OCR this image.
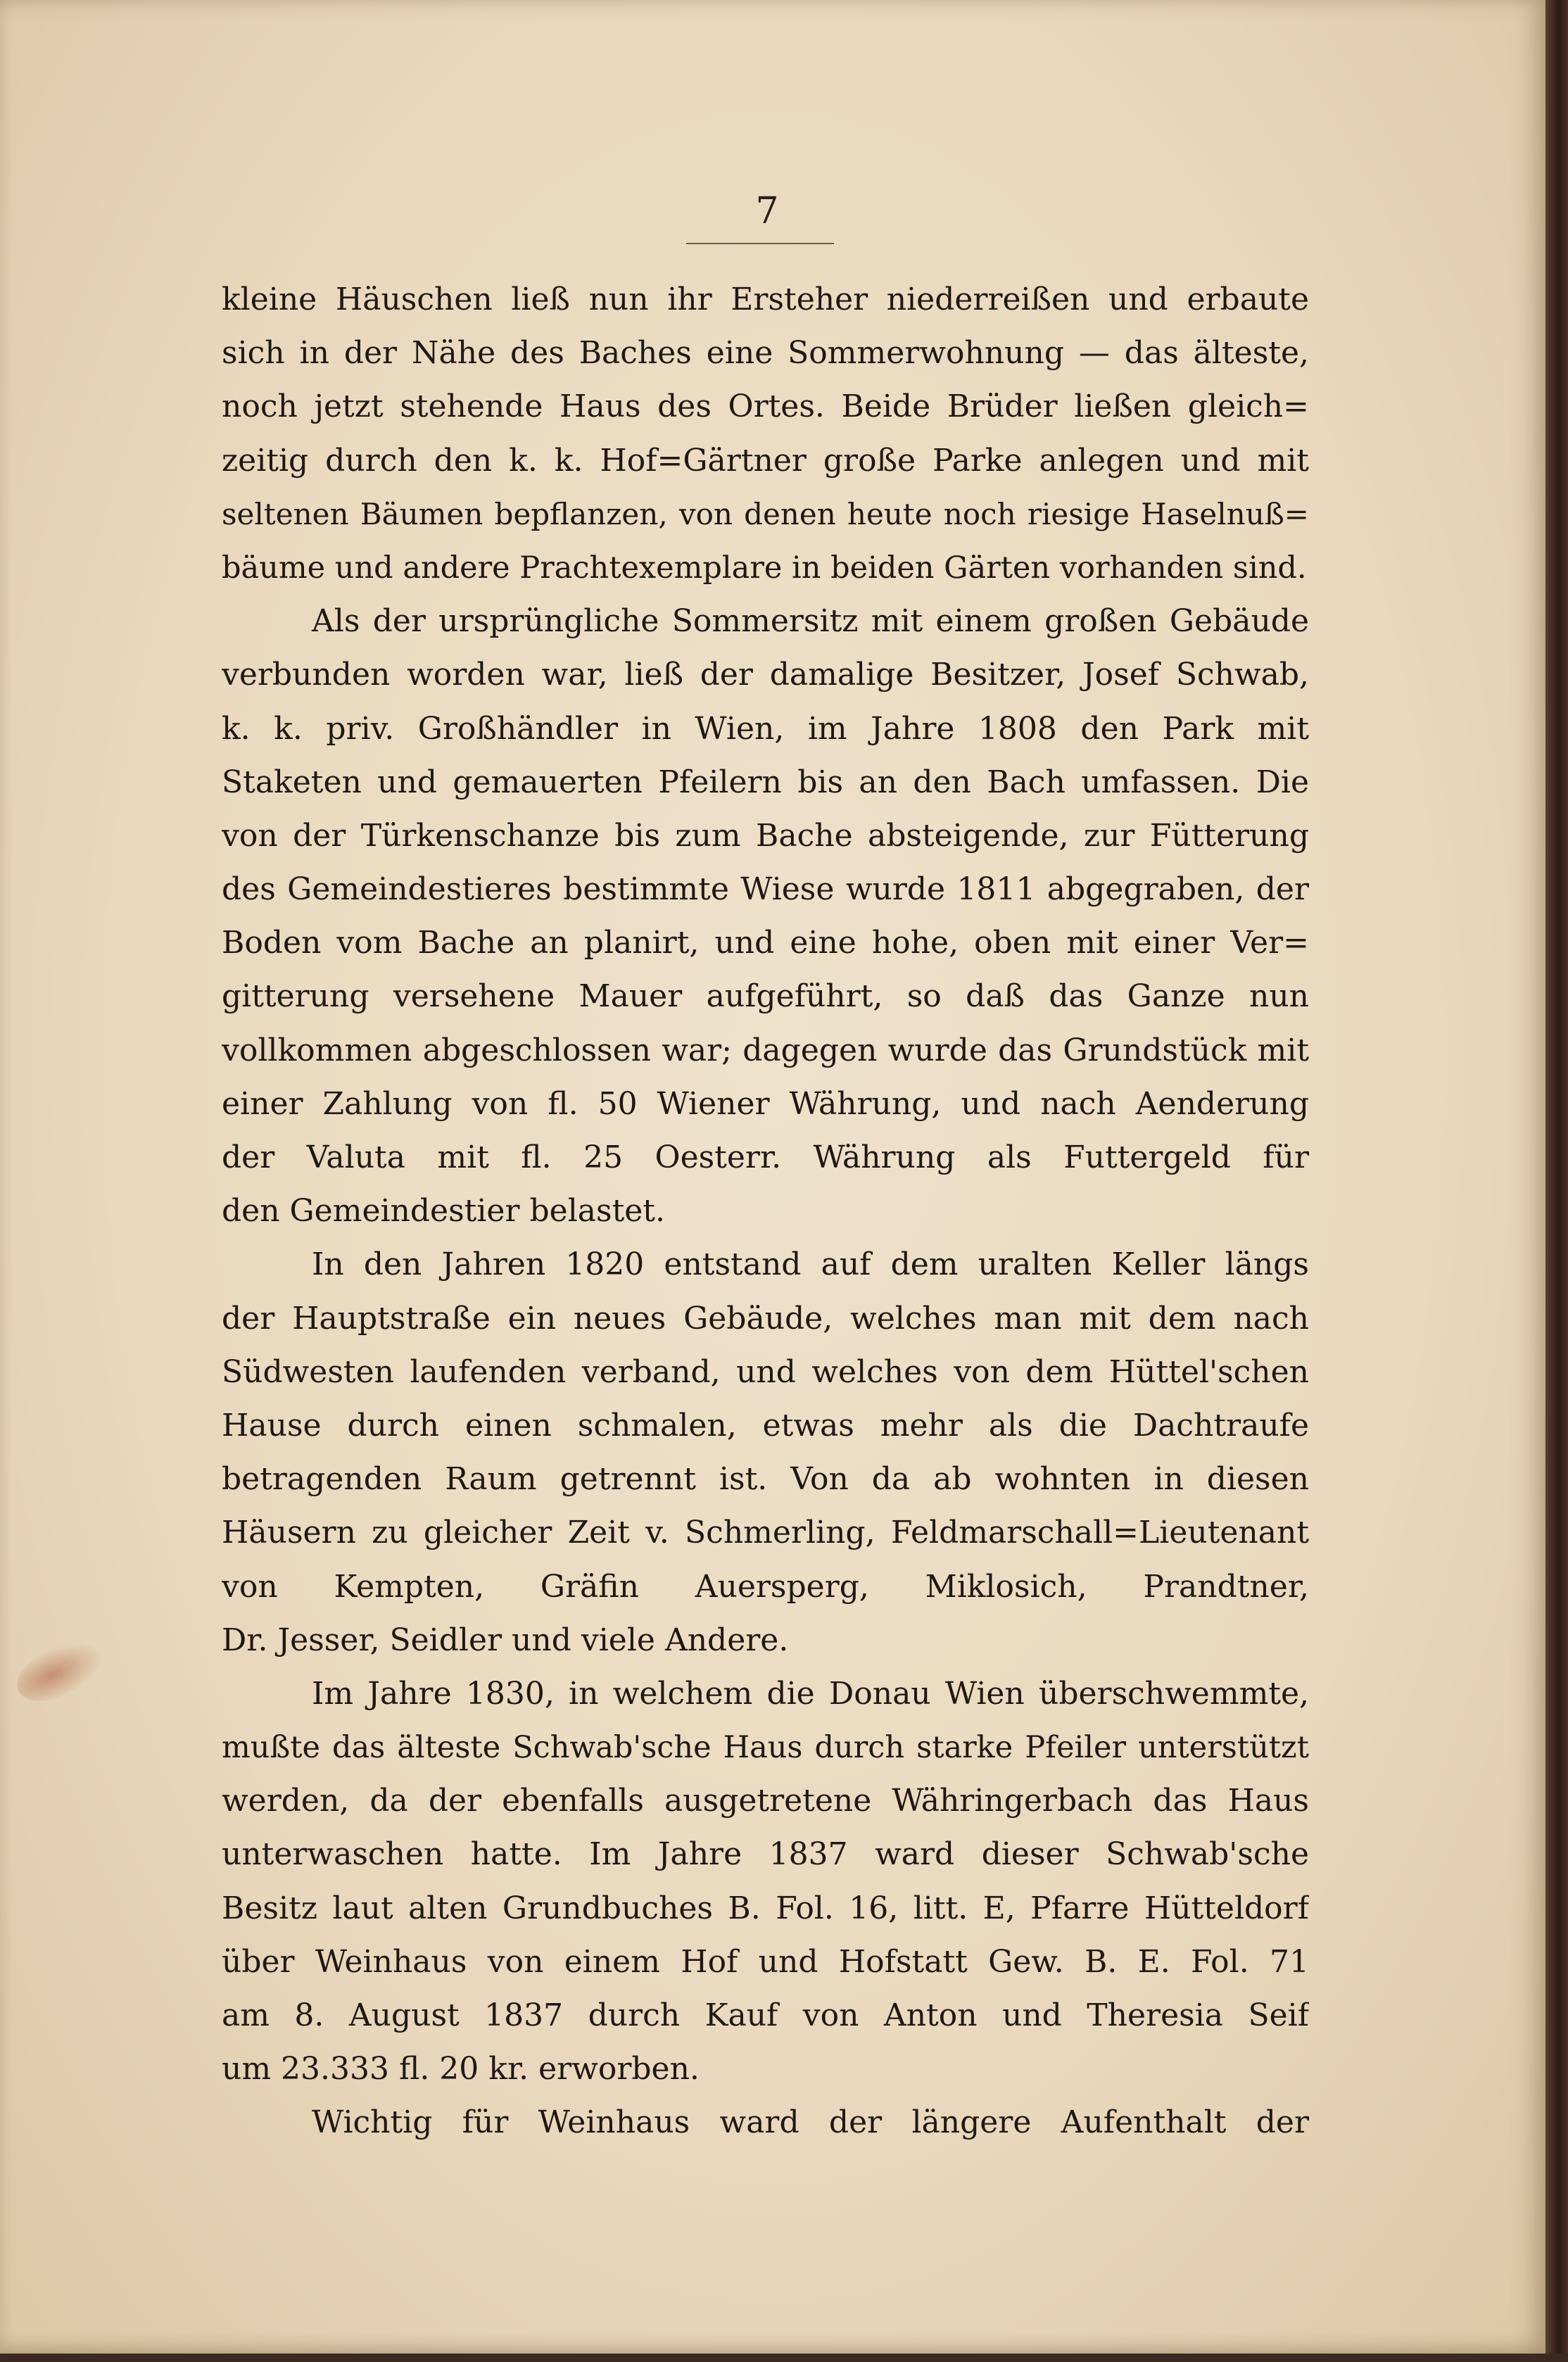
7
kleine Häuschen ließ nun ihr Ersteher niederreißen und erbaute
sich in der Nähe des Baches eine Sommerwohnung — das älteste,
noch jetzt stehende Haus des Ortes. Beide Brüder ließen gleich=
zeitig durch den k. k. Hof=Gärtner große Parke anlegen und mit
seltenen Bäumen bepflanzen, von denen heute noch riesige Haselnuß=
bäume und andere Prachtexemplare in beiden Gärten vorhanden sind.
Als der ursprüngliche Sommersitz mit einem großen Gebäude
verbunden worden war, ließ der damalige Besitzer, Josef Schwab,
k. k. priv. Großhändler in Wien, im Jahre 1808 den Park mit
Staketen und gemauerten Pfeilern bis an den Bach umfassen. Die
von der Türkenschanze bis zum Bache absteigende, zur Fütterung
des Gemeindestieres bestimmte Wiese wurde 1811 abgegraben, der
Boden vom Bache an planirt, und eine hohe, oben mit einer Ver=
gitterung versehene Mauer aufgeführt, so daß das Ganze nun
vollkommen abgeschlossen war; dagegen wurde das Grundstück mit
einer Zahlung von fl. 50 Wiener Währung, und nach Aenderung
der Valuta mit fl. 25 Oesterr. Währung als Futtergeld für
den Gemeindestier belastet.
In den Jahren 1820 entstand auf dem uralten Keller längs
der Hauptstraße ein neues Gebäude, welches man mit dem nach
Südwesten laufenden verband, und welches von dem Hüttel'schen
Hause durch einen schmalen, etwas mehr als die Dachtraufe
betragenden Raum getrennt ist. Von da ab wohnten in diesen
Häusern zu gleicher Zeit v. Schmerling, Feldmarschall=Lieutenant
von Kempten, Gräfin Auersperg, Miklosich, Prandtner,
Dr. Jesser, Seidler und viele Andere.
Im Jahre 1830, in welchem die Donau Wien überschwemmte,
mußte das älteste Schwab'sche Haus durch starke Pfeiler unterstützt
werden, da der ebenfalls ausgetretene Währingerbach das Haus
unterwaschen hatte. Im Jahre 1837 ward dieser Schwab'sche
Besitz laut alten Grundbuches B. Fol. 16, litt. E, Pfarre Hütteldorf
über Weinhaus von einem Hof und Hofstatt Gew. B. E. Fol. 71
am 8. August 1837 durch Kauf von Anton und Theresia Seif
um 23.333 fl. 20 kr. erworben.
Wichtig für Weinhaus ward der längere Aufenthalt der
